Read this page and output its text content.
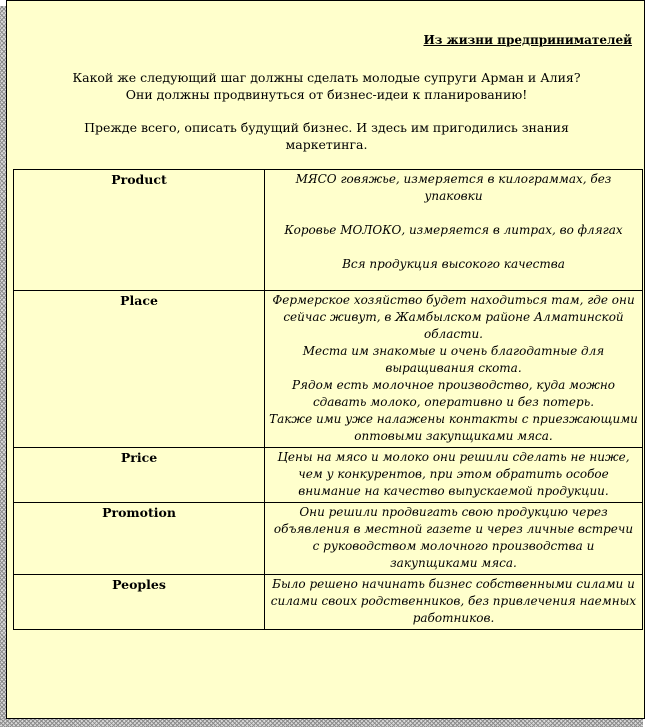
Из жизни предпринимателей
Какой же следующий шаг должны сделать молодые супруги Арман и Алия?
Они должны продвинуться от бизнес-идеи к планированию!
Прежде всего, описать будущий бизнес. И здесь им пригодились знания маркетинга.
Product	МЯСО говяжье, измеряется в килограммах, без упаковки
Коровье МОЛОКО, измеряется в литрах, во флягах
Вся продукция высокого качества

Place	Фермерское хозяйство будет находиться там, где они сейчас живут, в Жамбылском районе Алматинской области.
Места им знакомые и очень благодатные для выращивания скота.
Рядом есть молочное производство, куда можно сдавать молоко, оперативно и без потерь.
Также ими уже налажены контакты с приезжающими оптовыми закупщиками мяса.

Price	Цены на мясо и молоко они решили сделать не ниже, чем у конкурентов, при этом обратить особое внимание на качество выпускаемой продукции.

Promotion	Они решили продвигать свою продукцию через объявления в местной газете и через личные встречи с руководством молочного производства и закупщиками мяса.

Peoples	Было решено начинать бизнес собственными силами и силами своих родственников, без привлечения наемных работников.
